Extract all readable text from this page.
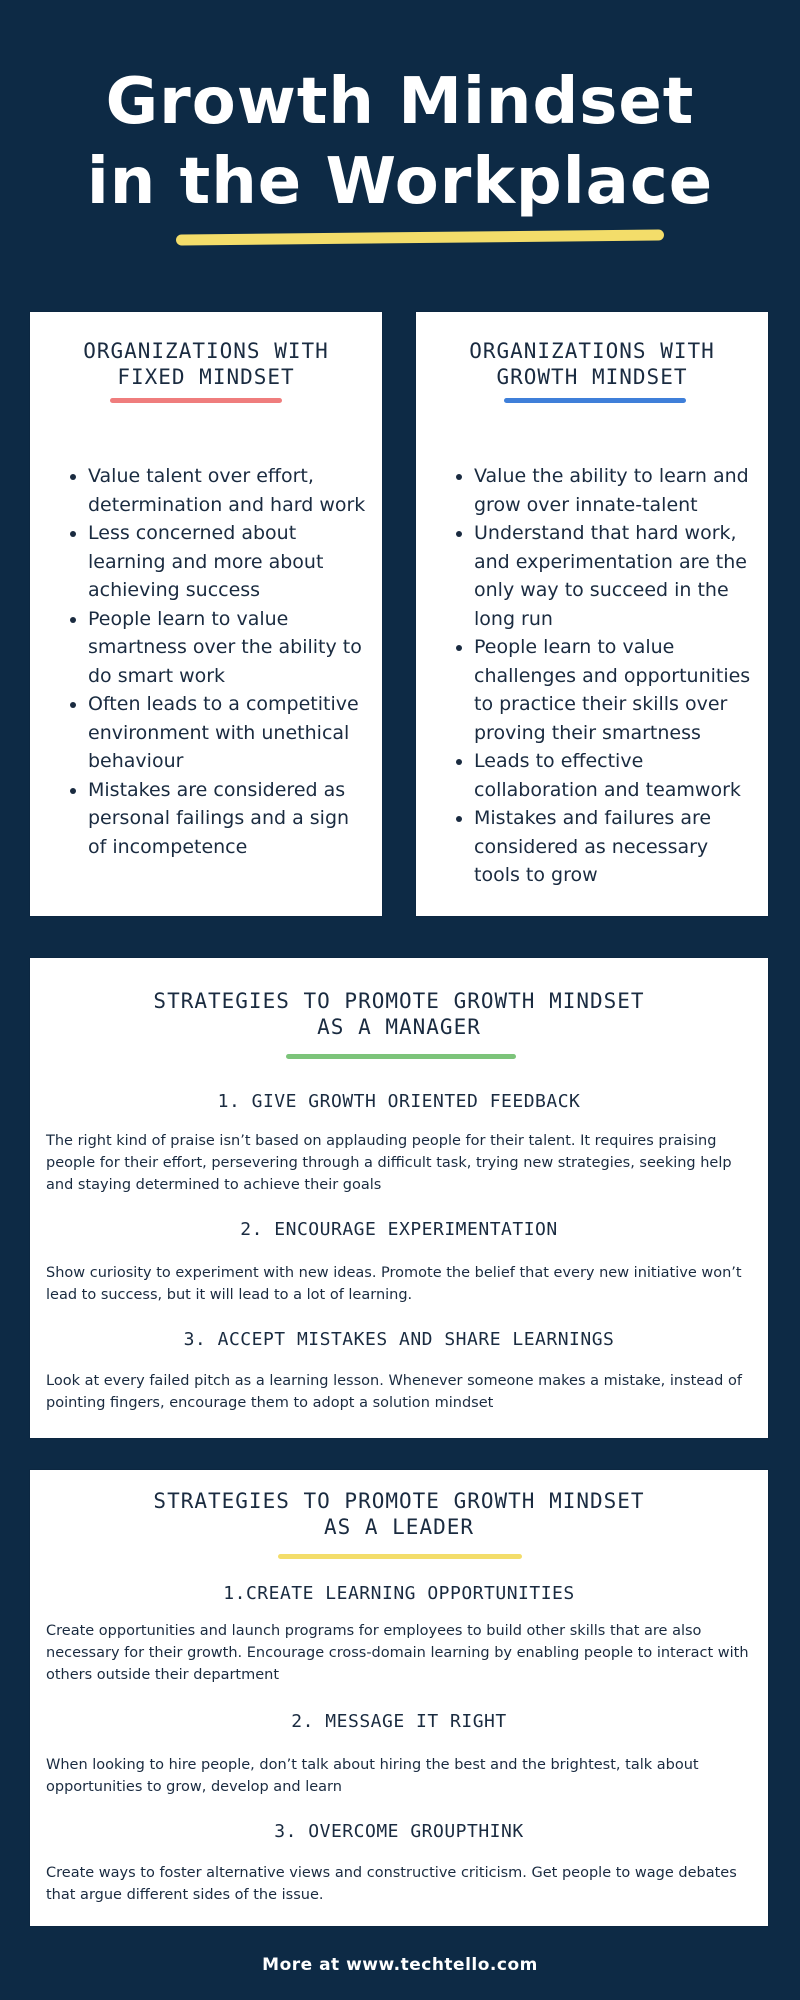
Growth Mindset in the Workplace
ORGANIZATIONS WITH
FIXED MINDSET
• Value talent over effort, determination and hard work
• Less concerned about learning and more about achieving success
• People learn to value smartness over the ability to do smart work
• Often leads to a competitive environment with unethical behaviour
• Mistakes are considered as personal failings and a sign of incompetence
ORGANIZATIONS WITH
GROWTH MINDSET
• Value the ability to learn and grow over innate-talent
• Understand that hard work, and experimentation are the only way to succeed in the long run
• People learn to value challenges and opportunities to practice their skills over proving their smartness
• Leads to effective collaboration and teamwork
• Mistakes and failures are considered as necessary tools to grow
STRATEGIES TO PROMOTE GROWTH MINDSET
AS A MANAGER
1. GIVE GROWTH ORIENTED FEEDBACK
The right kind of praise isn’t based on applauding people for their talent. It requires praising people for their effort, persevering through a difficult task, trying new strategies, seeking help and staying determined to achieve their goals
2. ENCOURAGE EXPERIMENTATION
Show curiosity to experiment with new ideas. Promote the belief that every new initiative won’t lead to success, but it will lead to a lot of learning.
3. ACCEPT MISTAKES AND SHARE LEARNINGS
Look at every failed pitch as a learning lesson. Whenever someone makes a mistake, instead of pointing fingers, encourage them to adopt a solution mindset
STRATEGIES TO PROMOTE GROWTH MINDSET
AS A LEADER
1.CREATE LEARNING OPPORTUNITIES
Create opportunities and launch programs for employees to build other skills that are also necessary for their growth. Encourage cross-domain learning by enabling people to interact with others outside their department
2. MESSAGE IT RIGHT
When looking to hire people, don’t talk about hiring the best and the brightest, talk about opportunities to grow, develop and learn
3. OVERCOME GROUPTHINK
Create ways to foster alternative views and constructive criticism. Get people to wage debates that argue different sides of the issue.
More at www.techtello.com
